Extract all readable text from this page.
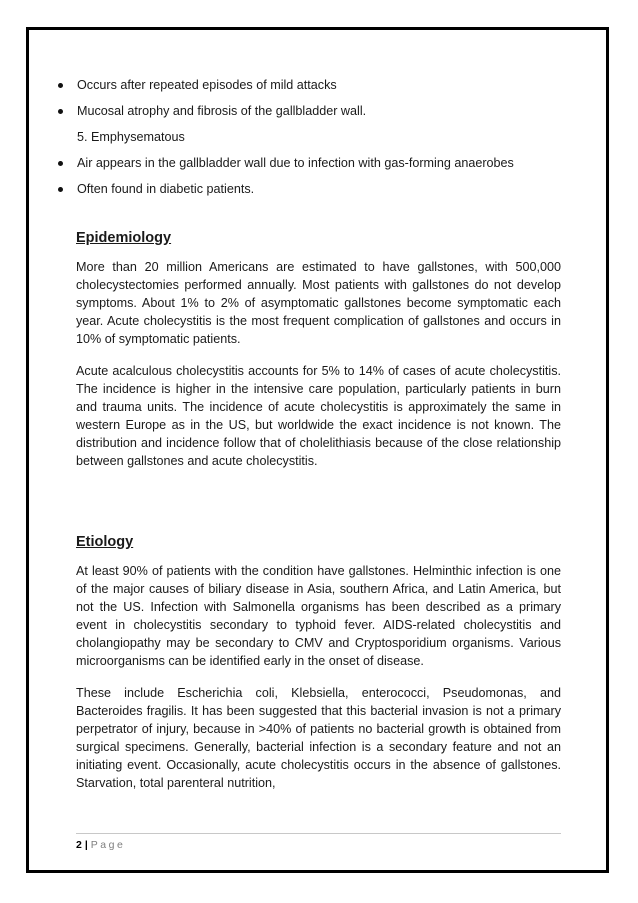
Occurs after repeated episodes of mild attacks
Mucosal atrophy and fibrosis of the gallbladder wall.
5. Emphysematous
Air appears in the gallbladder wall due to infection with gas-forming anaerobes
Often found in diabetic patients.
Epidemiology

More than 20 million Americans are estimated to have gallstones, with 500,000 cholecystectomies performed annually. Most patients with gallstones do not develop symptoms. About 1% to 2% of asymptomatic gallstones become symptomatic each year. Acute cholecystitis is the most frequent complication of gallstones and occurs in 10% of symptomatic patients.

Acute acalculous cholecystitis accounts for 5% to 14% of cases of acute cholecystitis. The incidence is higher in the intensive care population, particularly patients in burn and trauma units. The incidence of acute cholecystitis is approximately the same in western Europe as in the US, but worldwide the exact incidence is not known. The distribution and incidence follow that of cholelithiasis because of the close relationship between gallstones and acute cholecystitis.

Etiology

At least 90% of patients with the condition have gallstones. Helminthic infection is one of the major causes of biliary disease in Asia, southern Africa, and Latin America, but not the US. Infection with Salmonella organisms has been described as a primary event in cholecystitis secondary to typhoid fever. AIDS-related cholecystitis and cholangiopathy may be secondary to CMV and Cryptosporidium organisms. Various microorganisms can be identified early in the onset of disease.

These include Escherichia coli, Klebsiella, enterococci, Pseudomonas, and Bacteroides fragilis. It has been suggested that this bacterial invasion is not a primary perpetrator of injury, because in >40% of patients no bacterial growth is obtained from surgical specimens. Generally, bacterial infection is a secondary feature and not an initiating event. Occasionally, acute cholecystitis occurs in the absence of gallstones. Starvation, total parenteral nutrition,

2 | Page
